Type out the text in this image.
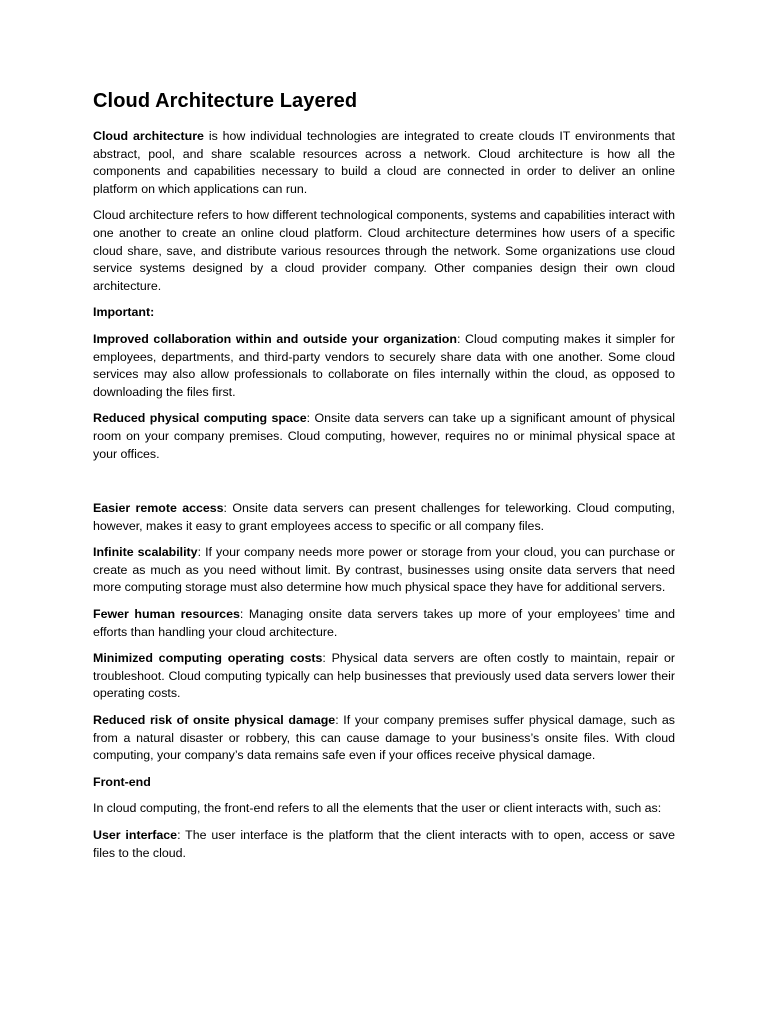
Cloud Architecture Layered

Cloud architecture is how individual technologies are integrated to create clouds IT environments that abstract, pool, and share scalable resources across a network. Cloud architecture is how all the components and capabilities necessary to build a cloud are connected in order to deliver an online platform on which applications can run.

Cloud architecture refers to how different technological components, systems and capabilities interact with one another to create an online cloud platform. Cloud architecture determines how users of a specific cloud share, save, and distribute various resources through the network. Some organizations use cloud service systems designed by a cloud provider company. Other companies design their own cloud architecture.

Important:

Improved collaboration within and outside your organization: Cloud computing makes it simpler for employees, departments, and third-party vendors to securely share data with one another. Some cloud services may also allow professionals to collaborate on files internally within the cloud, as opposed to downloading the files first.

Reduced physical computing space: Onsite data servers can take up a significant amount of physical room on your company premises. Cloud computing, however, requires no or minimal physical space at your offices.

Easier remote access: Onsite data servers can present challenges for teleworking. Cloud computing, however, makes it easy to grant employees access to specific or all company files.

Infinite scalability: If your company needs more power or storage from your cloud, you can purchase or create as much as you need without limit. By contrast, businesses using onsite data servers that need more computing storage must also determine how much physical space they have for additional servers.

Fewer human resources: Managing onsite data servers takes up more of your employees’ time and efforts than handling your cloud architecture.

Minimized computing operating costs: Physical data servers are often costly to maintain, repair or troubleshoot. Cloud computing typically can help businesses that previously used data servers lower their operating costs.

Reduced risk of onsite physical damage: If your company premises suffer physical damage, such as from a natural disaster or robbery, this can cause damage to your business’s onsite files. With cloud computing, your company’s data remains safe even if your offices receive physical damage.

Front-end

In cloud computing, the front-end refers to all the elements that the user or client interacts with, such as:

User interface: The user interface is the platform that the client interacts with to open, access or save files to the cloud.
